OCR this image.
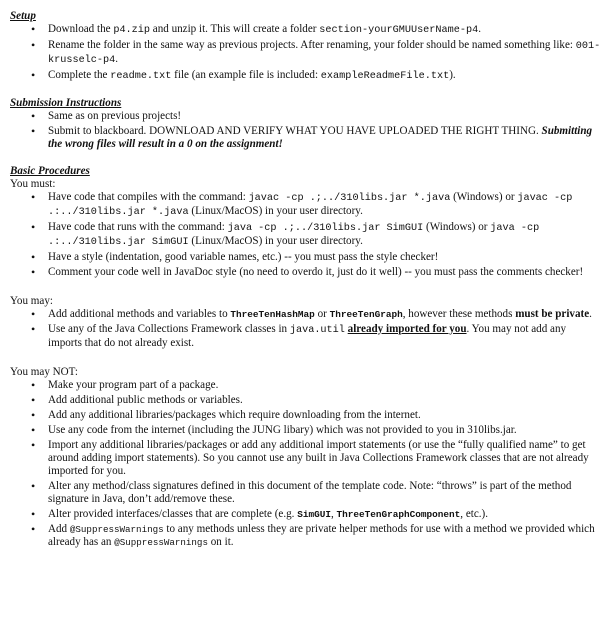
Setup

• Download the p4.zip and unzip it. This will create a folder section-yourGMUUserName-p4.
• Rename the folder in the same way as previous projects. After renaming, your folder should be named something like: 001-krusselc-p4.
• Complete the readme.txt file (an example file is included: exampleReadmeFile.txt).

Submission Instructions

• Same as on previous projects!
• Submit to blackboard. DOWNLOAD AND VERIFY WHAT YOU HAVE UPLOADED THE RIGHT THING. Submitting the wrong files will result in a 0 on the assignment!

Basic Procedures

You must:

• Have code that compiles with the command: javac -cp .;../310libs.jar *.java (Windows) or javac -cp .:../310libs.jar *.java (Linux/MacOS) in your user directory.
• Have code that runs with the command: java -cp .;../310libs.jar SimGUI (Windows) or java -cp .:../310libs.jar SimGUI (Linux/MacOS) in your user directory.
• Have a style (indentation, good variable names, etc.) -- you must pass the style checker!
• Comment your code well in JavaDoc style (no need to overdo it, just do it well) -- you must pass the comments checker!

You may:

• Add additional methods and variables to ThreeTenHashMap or ThreeTenGraph, however these methods must be private.
• Use any of the Java Collections Framework classes in java.util already imported for you. You may not add any imports that do not already exist.

You may NOT:

• Make your program part of a package.
• Add additional public methods or variables.
• Add any additional libraries/packages which require downloading from the internet.
• Use any code from the internet (including the JUNG libary) which was not provided to you in 310libs.jar.
• Import any additional libraries/packages or add any additional import statements (or use the “fully qualified name” to get around adding import statements). So you cannot use any built in Java Collections Framework classes that are not already imported for you.
• Alter any method/class signatures defined in this document of the template code. Note: “throws” is part of the method signature in Java, don’t add/remove these.
• Alter provided interfaces/classes that are complete (e.g. SimGUI, ThreeTenGraphComponent, etc.).
• Add @SuppressWarnings to any methods unless they are private helper methods for use with a method we provided which already has an @SuppressWarnings on it.
